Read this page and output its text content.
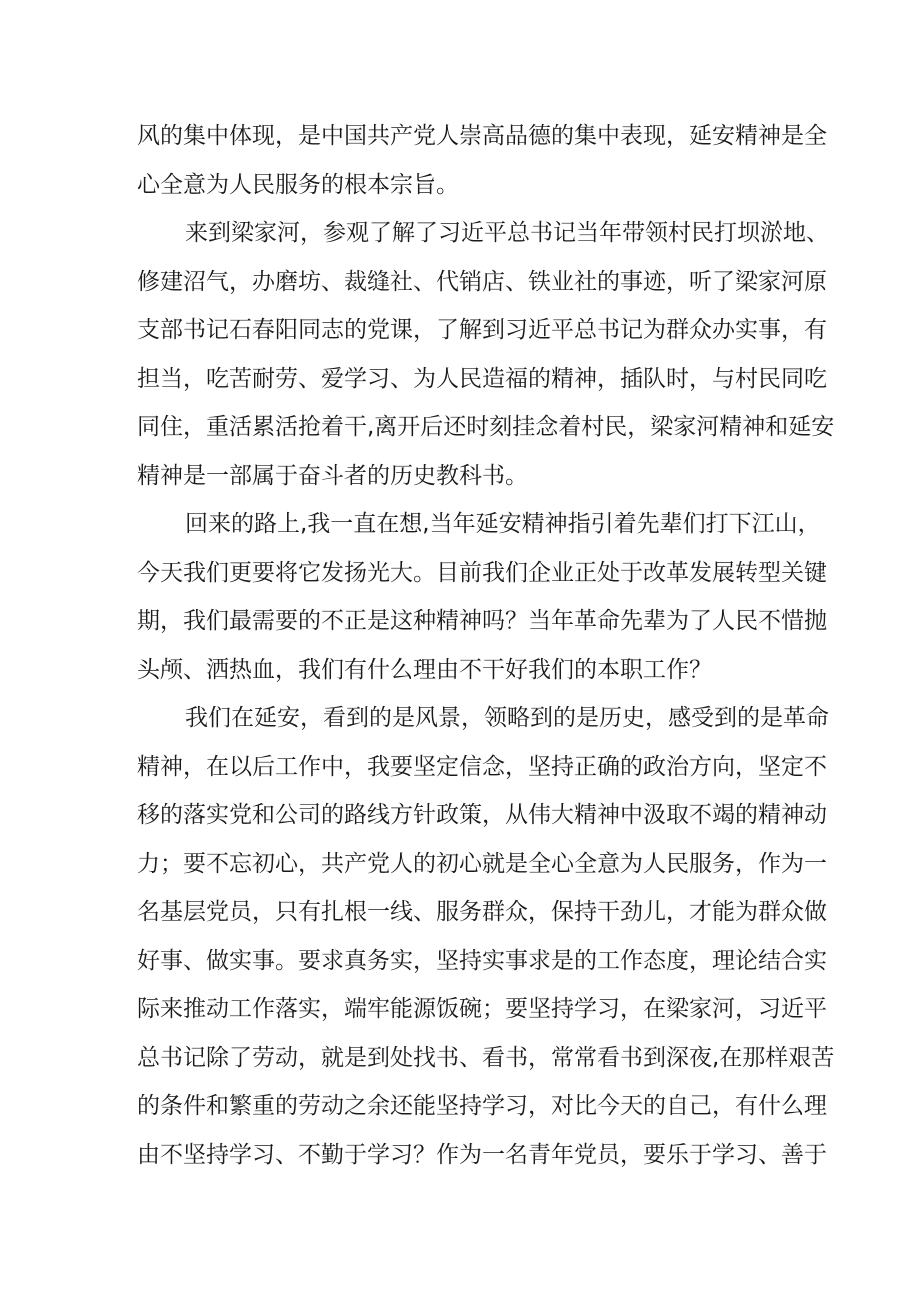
风的集中体现，是中国共产党人崇高品德的集中表现，延安精神是全
心全意为人民服务的根本宗旨。
来到梁家河，参观了解了习近平总书记当年带领村民打坝淤地、
修建沼气，办磨坊、裁缝社、代销店、铁业社的事迹，听了梁家河原
支部书记石春阳同志的党课，了解到习近平总书记为群众办实事，有
担当，吃苦耐劳、爱学习、为人民造福的精神，插队时，与村民同吃
同住，重活累活抢着干,离开后还时刻挂念着村民，梁家河精神和延安
精神是一部属于奋斗者的历史教科书。
回来的路上,我一直在想,当年延安精神指引着先辈们打下江山，
今天我们更要将它发扬光大。目前我们企业正处于改革发展转型关键
期，我们最需要的不正是这种精神吗？当年革命先辈为了人民不惜抛
头颅、洒热血，我们有什么理由不干好我们的本职工作？
我们在延安，看到的是风景，领略到的是历史，感受到的是革命
精神，在以后工作中，我要坚定信念，坚持正确的政治方向，坚定不
移的落实党和公司的路线方针政策，从伟大精神中汲取不竭的精神动
力；要不忘初心，共产党人的初心就是全心全意为人民服务，作为一
名基层党员，只有扎根一线、服务群众，保持干劲儿，才能为群众做
好事、做实事。要求真务实，坚持实事求是的工作态度，理论结合实
际来推动工作落实，端牢能源饭碗；要坚持学习，在梁家河，习近平
总书记除了劳动，就是到处找书、看书，常常看书到深夜,在那样艰苦
的条件和繁重的劳动之余还能坚持学习，对比今天的自己，有什么理
由不坚持学习、不勤于学习？作为一名青年党员，要乐于学习、善于
